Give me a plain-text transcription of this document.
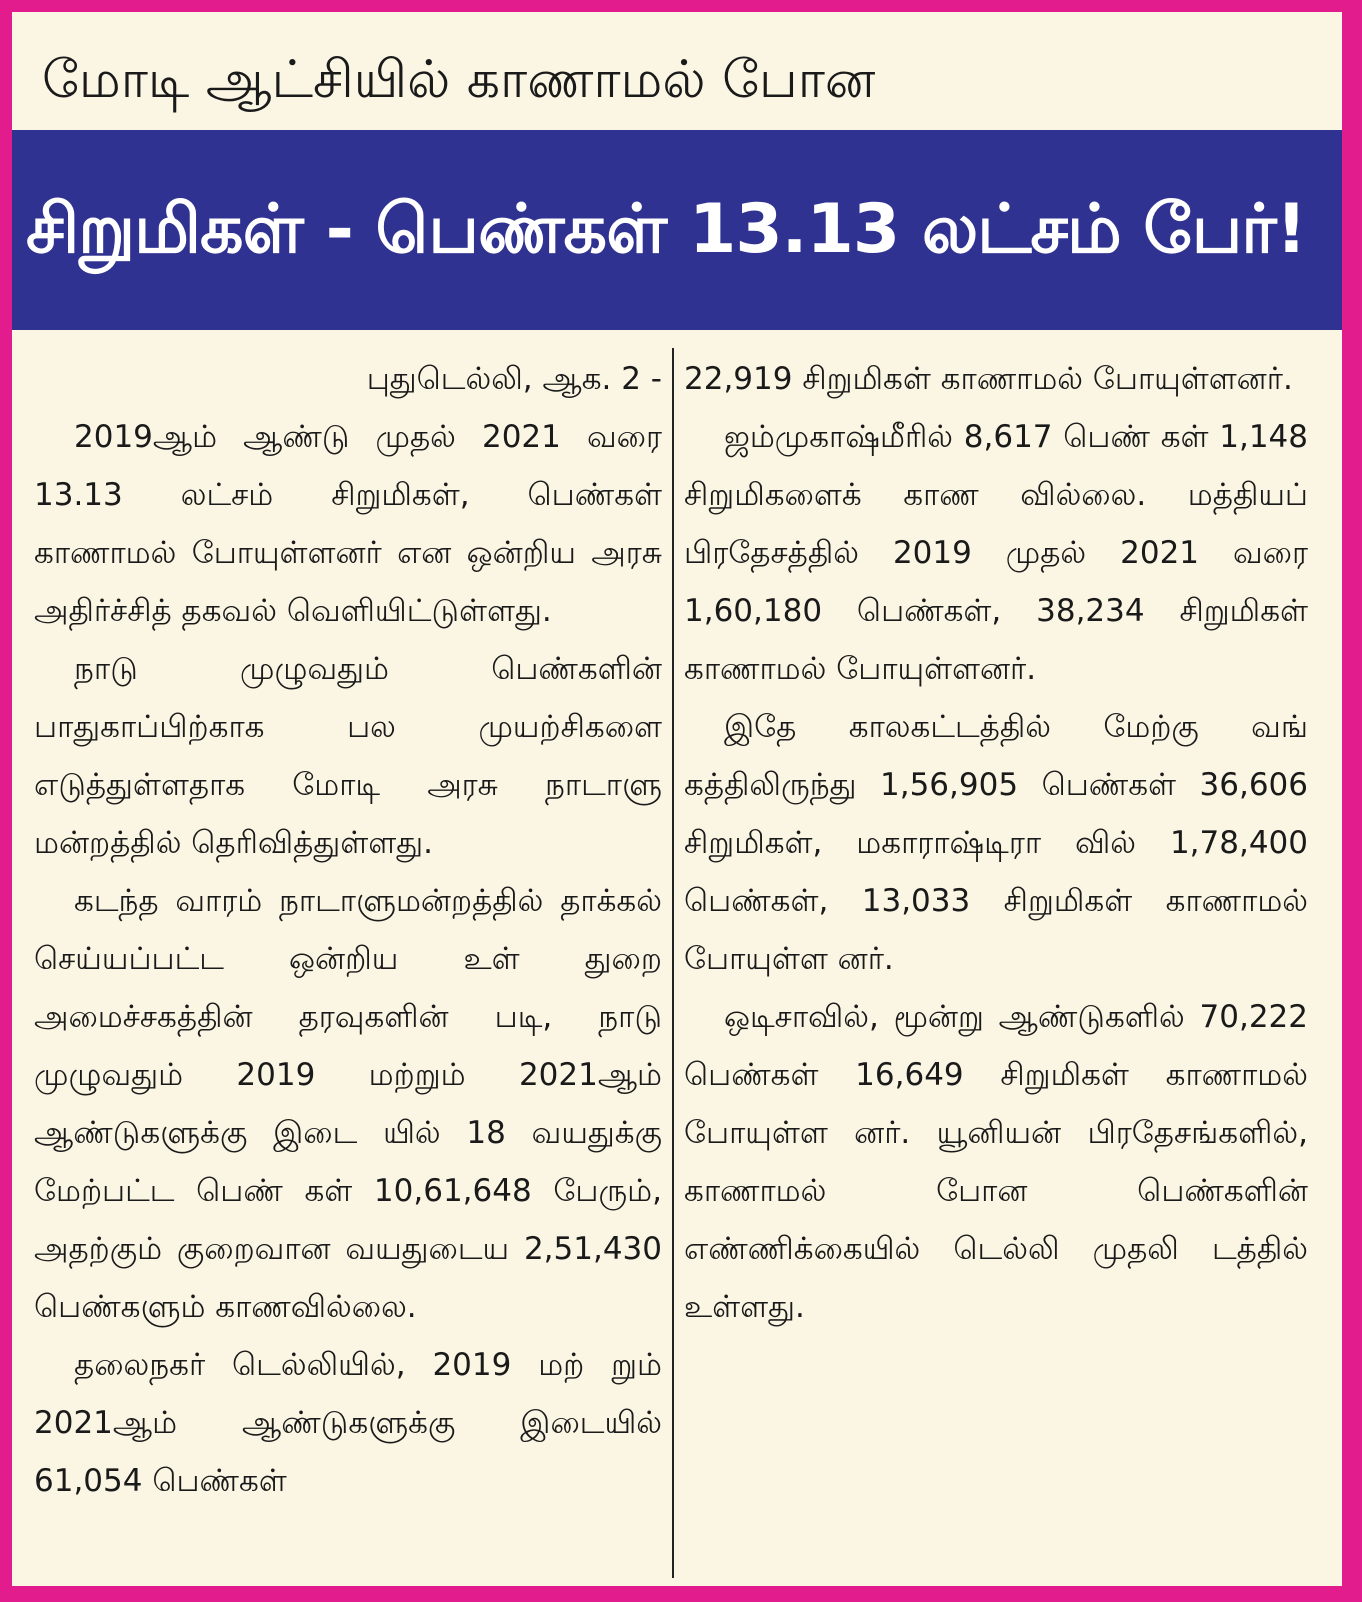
மோடி ஆட்சியில் காணாமல் போன
சிறுமிகள் - பெண்கள் 13.13 லட்சம் பேர்!

புதுடெல்லி, ஆக. 2 -

2019ஆம் ஆண்டு முதல் 2021 வரை 13.13 லட்சம் சிறுமிகள், பெண்கள் காணாமல் போயுள்ளனர் என ஒன்றிய அரசு அதிர்ச்சித் தகவல் வெளியிட்டுள்ளது.

நாடு முழுவதும் பெண்களின் பாதுகாப்பிற்காக பல முயற்சிகளை எடுத்துள்ளதாக மோடி அரசு நாடாளு மன்றத்தில் தெரிவித்துள்ளது.

கடந்த வாரம் நாடாளுமன்றத்தில் தாக்கல் செய்யப்பட்ட ஒன்றிய உள் துறை அமைச்சகத்தின் தரவுகளின் படி, நாடு முழுவதும் 2019 மற்றும் 2021ஆம் ஆண்டுகளுக்கு இடை யில் 18 வயதுக்கு மேற்பட்ட பெண் கள் 10,61,648 பேரும், அதற்கும் குறைவான வயதுடைய 2,51,430 பெண்களும் காணவில்லை.

தலைநகர் டெல்லியில், 2019 மற் றும் 2021ஆம் ஆண்டுகளுக்கு இடையில் 61,054 பெண்கள்

22,919 சிறுமிகள் காணாமல் போயுள்ளனர்.

ஜம்முகாஷ்மீரில் 8,617 பெண் கள் 1,148 சிறுமிகளைக் காண வில்லை. மத்தியப் பிரதேசத்தில் 2019 முதல் 2021 வரை 1,60,180 பெண்கள், 38,234 சிறுமிகள் காணாமல் போயுள்ளனர்.

இதே காலகட்டத்தில் மேற்கு வங் கத்திலிருந்து 1,56,905 பெண்கள் 36,606 சிறுமிகள், மகாராஷ்டிரா வில் 1,78,400 பெண்கள், 13,033 சிறுமிகள் காணாமல் போயுள்ள னர்.

ஒடிசாவில், மூன்று ஆண்டுகளில் 70,222 பெண்கள் 16,649 சிறுமிகள் காணாமல் போயுள்ள னர். யூனியன் பிரதேசங்களில், காணாமல் போன பெண்களின் எண்ணிக்கையில் டெல்லி முதலி டத்தில் உள்ளது.
